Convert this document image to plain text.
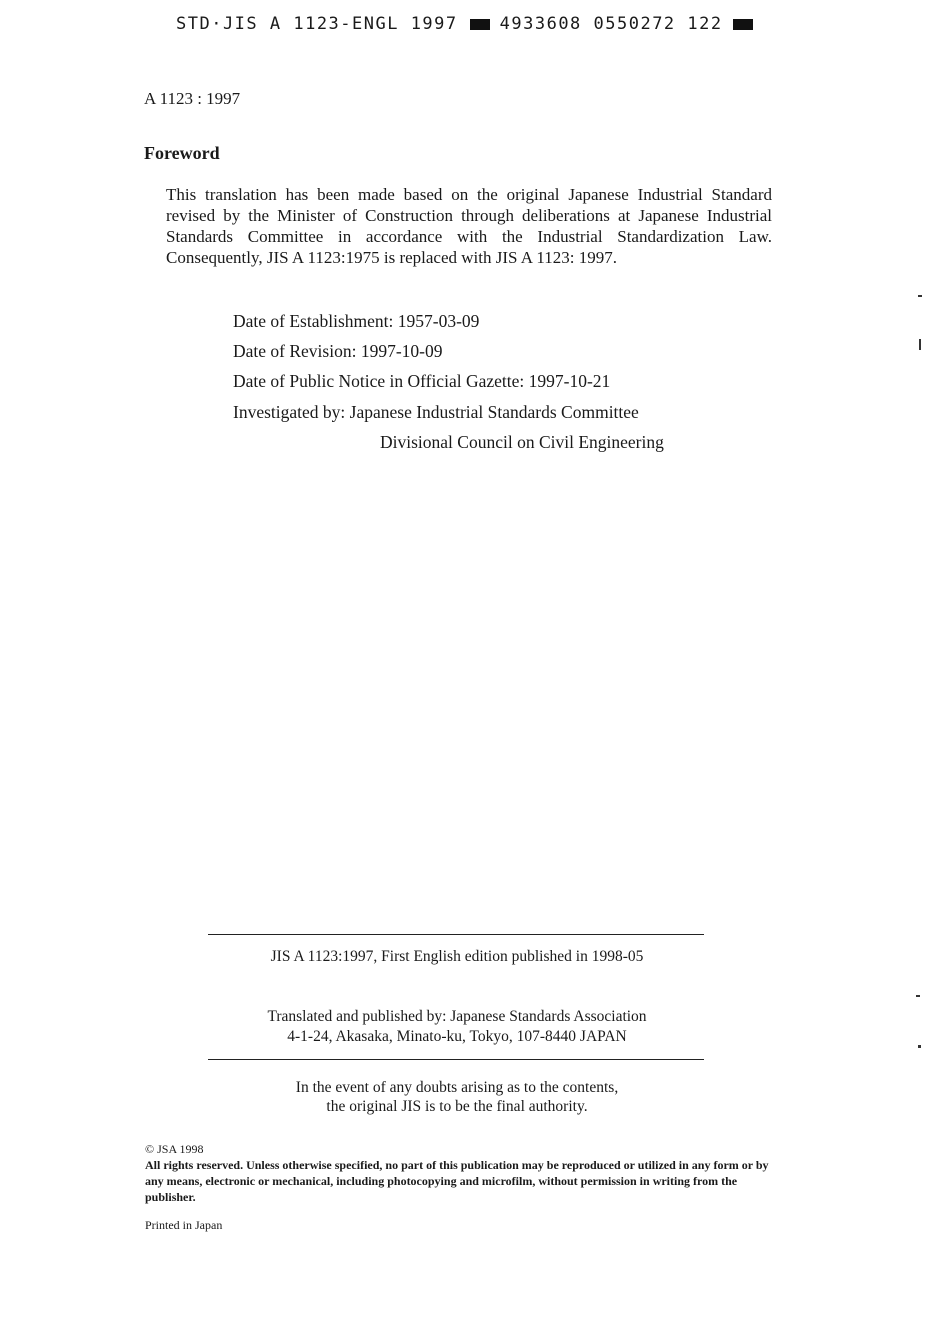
STD·JIS A 1123-ENGL 1997 4933608 0550272 122
A 1123 : 1997
Foreword
This translation has been made based on the original Japanese Industrial Standard revised by the Minister of Construction through deliberations at Japanese Industrial Standards Committee in accordance with the Industrial Standardization Law. Consequently, JIS A 1123:1975 is replaced with JIS A 1123: 1997.
Date of Establishment: 1957-03-09
Date of Revision: 1997-10-09
Date of Public Notice in Official Gazette: 1997-10-21
Investigated by: Japanese Industrial Standards Committee
Divisional Council on Civil Engineering
JIS A 1123:1997, First English edition published in 1998-05
Translated and published by: Japanese Standards Association
4-1-24, Akasaka, Minato-ku, Tokyo, 107-8440 JAPAN
In the event of any doubts arising as to the contents,
the original JIS is to be the final authority.
© JSA 1998
All rights reserved. Unless otherwise specified, no part of this publication may be reproduced or utilized in any form or by any means, electronic or mechanical, including photocopying and microfilm, without permission in writing from the publisher.
Printed in Japan
